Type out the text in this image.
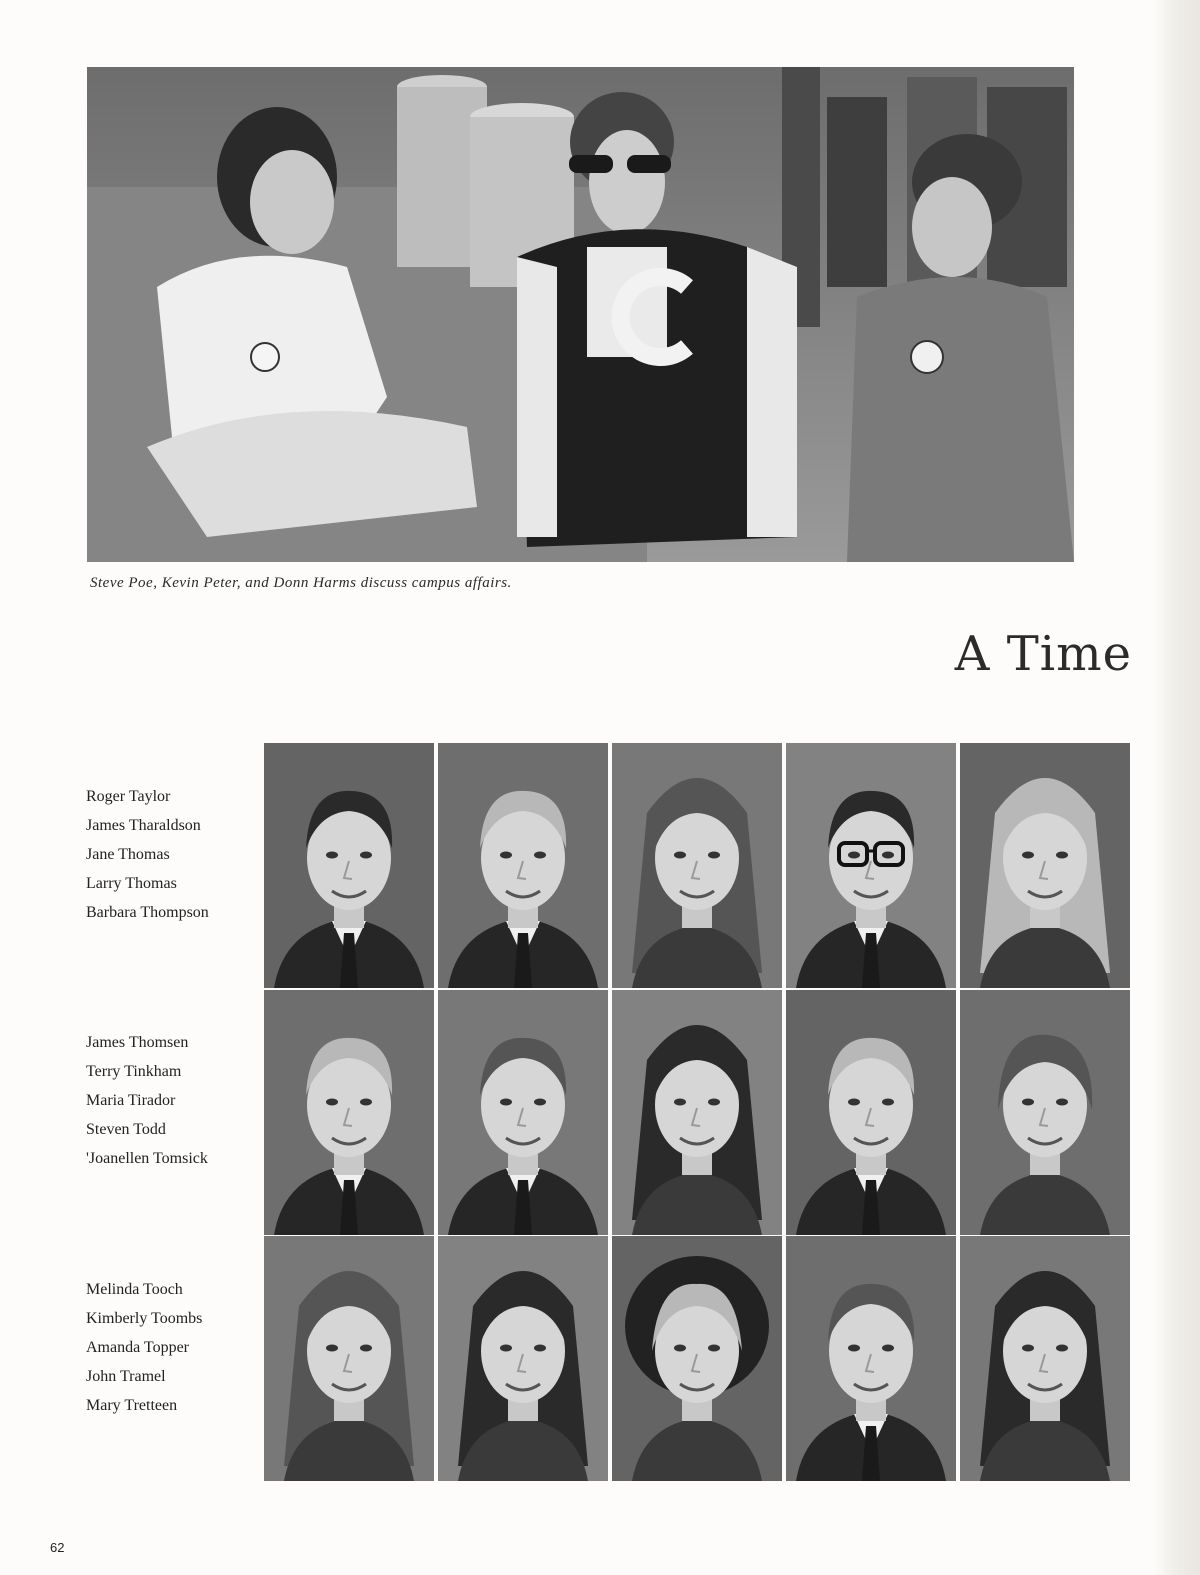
Steve Poe, Kevin Peter, and Donn Harms discuss campus affairs.
A Time
Roger Taylor
James Tharaldson
Jane Thomas
Larry Thomas
Barbara Thompson
James Thomsen
Terry Tinkham
Maria Tirador
Steven Todd
'Joanellen Tomsick
Melinda Tooch
Kimberly Toombs
Amanda Topper
John Tramel
Mary Tretteen
62
